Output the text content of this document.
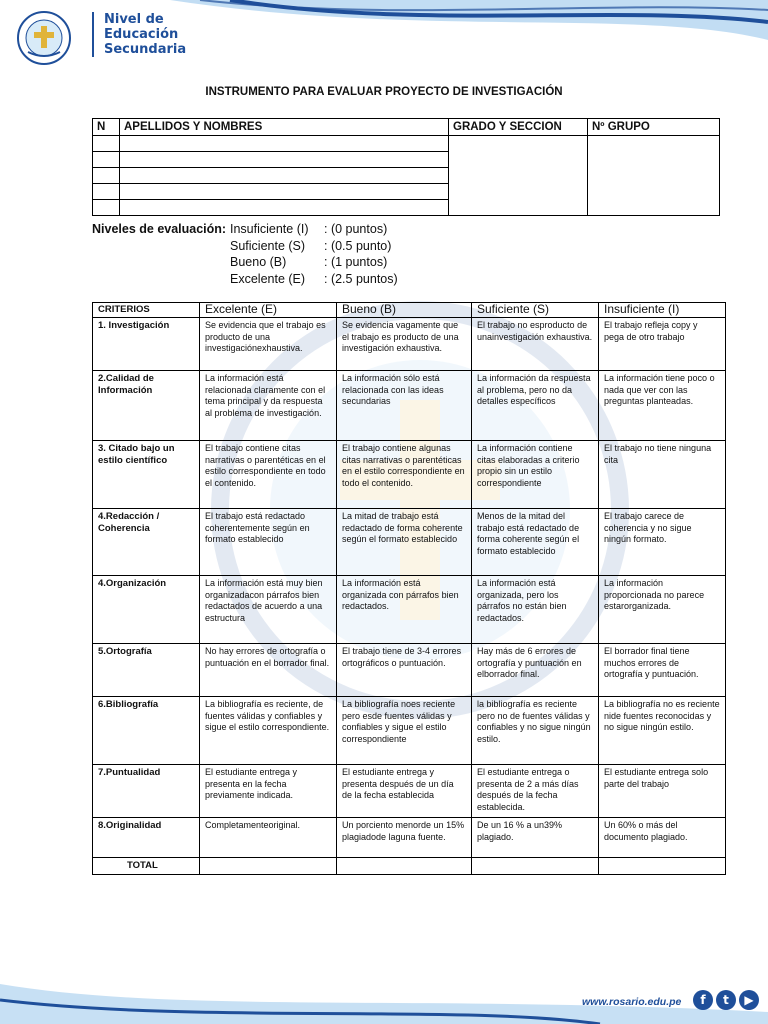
Nivel de
Educación
Secundaria
INSTRUMENTO PARA EVALUAR PROYECTO DE INVESTIGACIÓN
N	APELLIDOS Y NOMBRES	GRADO Y SECCION	Nº GRUPO

Niveles de evaluación: Insuficiente (I) : (0 puntos)
Suficiente (S) : (0.5 punto)
Bueno (B)	: (1 puntos)
Excelente (E) : (2.5 puntos)
CRITERIOS	Excelente (E)	Bueno (B)	Suficiente (S)	Insuficiente (I)
1. Investigación	Se evidencia que el trabajo es producto de una investigaciónexhaustiva.	Se evidencia vagamente que el trabajo es producto de una investigación exhaustiva.	El trabajo no esproducto de unainvestigación exhaustiva.	El trabajo refleja copy y pega de otro trabajo
2.Calidad de Información	La información está relacionada claramente con el tema principal y da respuesta al problema de investigación.	La información sólo está relacionada con las ideas secundarias	La información da respuesta al problema, pero no da detalles específicos	La información tiene poco o nada que ver con las preguntas planteadas.
3. Citado bajo un estilo científico	El trabajo contiene citas narrativas o parentéticas en el estilo correspondiente en todo el contenido.	El trabajo contiene algunas citas narrativas o parentéticas en el estilo correspondiente en todo el contenido.	La información contiene citas elaboradas a criterio propio sin un estilo correspondiente	El trabajo no tiene ninguna cita
4.Redacción / Coherencia	El trabajo está redactado coherentemente según en formato establecido	La mitad de trabajo está redactado de forma coherente según el formato establecido	Menos de la mitad del trabajo está redactado de forma coherente según el formato establecido	El trabajo carece de coherencia y no sigue ningún formato.
4.Organización	La información está muy bien organizadacon párrafos bien redactados de acuerdo a una estructura	La información está organizada con párrafos bien redactados.	La información está organizada, pero los párrafos no están bien redactados.	La información proporcionada no parece estarorganizada.
5.Ortografía	No hay errores de ortografía o puntuación en el borrador final.	El trabajo tiene de 3-4 errores ortográficos o puntuación.	Hay más de 6 errores de ortografía y puntuación en elborrador final.	El borrador final tiene muchos errores de ortografía y puntuación.
6.Bibliografía	La bibliografía es reciente, de fuentes válidas y confiables y sigue el estilo correspondiente.	La bibliografía noes reciente pero esde fuentes válidas y confiables y sigue el estilo correspondiente	la bibliografía es reciente pero no de fuentes válidas y confiables y no sigue ningún estilo.	La bibliografía no es reciente nide fuentes reconocidas y no sigue ningún estilo.
7.Puntualidad	El estudiante entrega y presenta en la fecha previamente indicada.	El estudiante entrega y presenta después de un día de la fecha establecida	El estudiante entrega o presenta de 2 a más días después de la fecha establecida.	El estudiante entrega solo parte del trabajo
8.Originalidad	Completamenteoriginal.	Un porciento menorde un 15% plagiadode laguna fuente.	De un 16 % a un39% plagiado.	Un 60% o más del documento plagiado.
TOTAL				
www.rosario.edu.pe	f	t	▶
